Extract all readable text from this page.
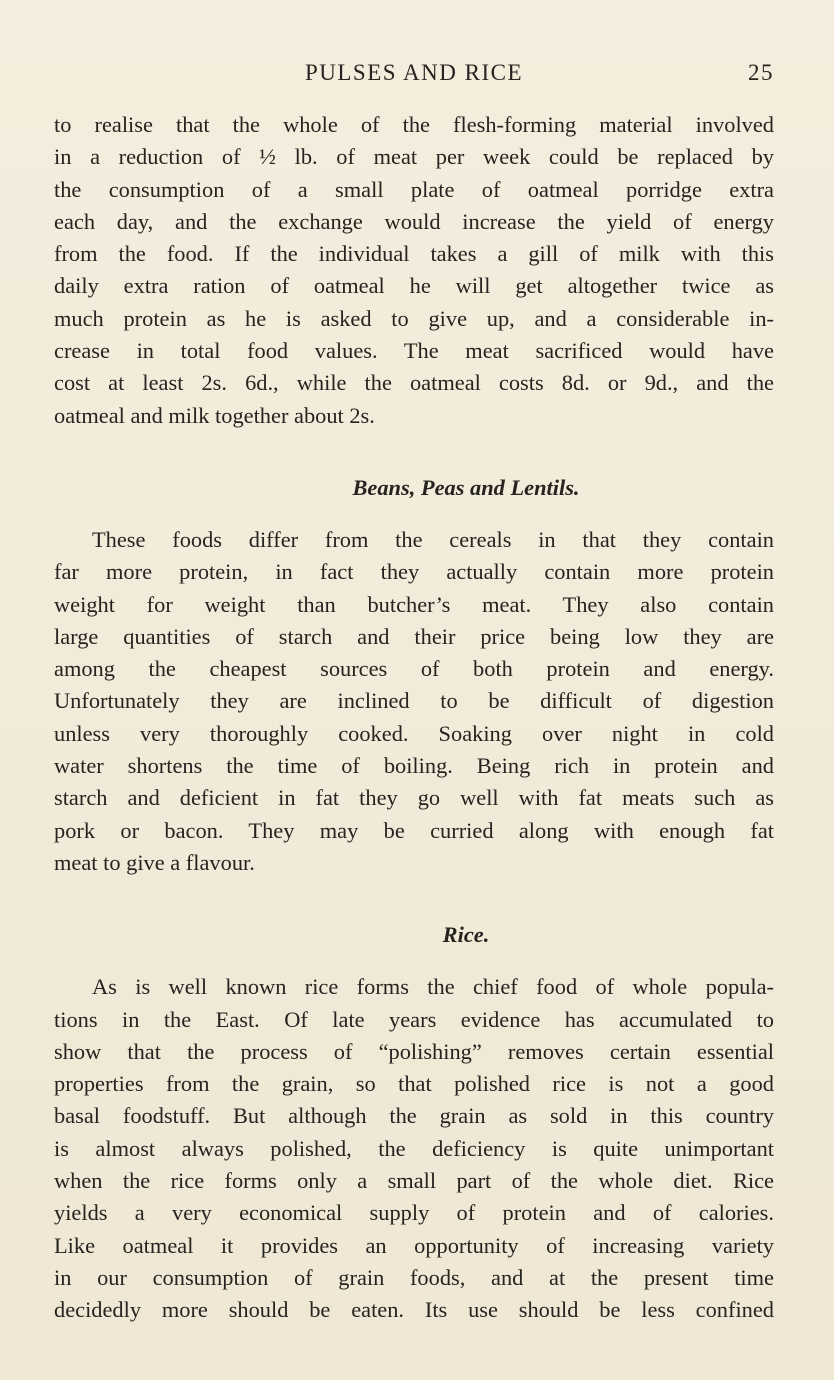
PULSES AND RICE	25

to realise that the whole of the flesh-forming material involved
in a reduction of ½ lb. of meat per week could be replaced by
the consumption of a small plate of oatmeal porridge extra
each day, and the exchange would increase the yield of energy
from the food. If the individual takes a gill of milk with this
daily extra ration of oatmeal he will get altogether twice as
much protein as he is asked to give up, and a considerable in-
crease in total food values. The meat sacrificed would have
cost at least 2s. 6d., while the oatmeal costs 8d. or 9d., and the
oatmeal and milk together about 2s.

Beans, Peas and Lentils.

These foods differ from the cereals in that they contain
far more protein, in fact they actually contain more protein
weight for weight than butcher’s meat. They also contain
large quantities of starch and their price being low they are
among the cheapest sources of both protein and energy.
Unfortunately they are inclined to be difficult of digestion
unless very thoroughly cooked. Soaking over night in cold
water shortens the time of boiling. Being rich in protein and
starch and deficient in fat they go well with fat meats such as
pork or bacon. They may be curried along with enough fat
meat to give a flavour.

Rice.

As is well known rice forms the chief food of whole popula-
tions in the East. Of late years evidence has accumulated to
show that the process of “polishing” removes certain essential
properties from the grain, so that polished rice is not a good
basal foodstuff. But although the grain as sold in this country
is almost always polished, the deficiency is quite unimportant
when the rice forms only a small part of the whole diet. Rice
yields a very economical supply of protein and of calories.
Like oatmeal it provides an opportunity of increasing variety
in our consumption of grain foods, and at the present time
decidedly more should be eaten. Its use should be less confined
